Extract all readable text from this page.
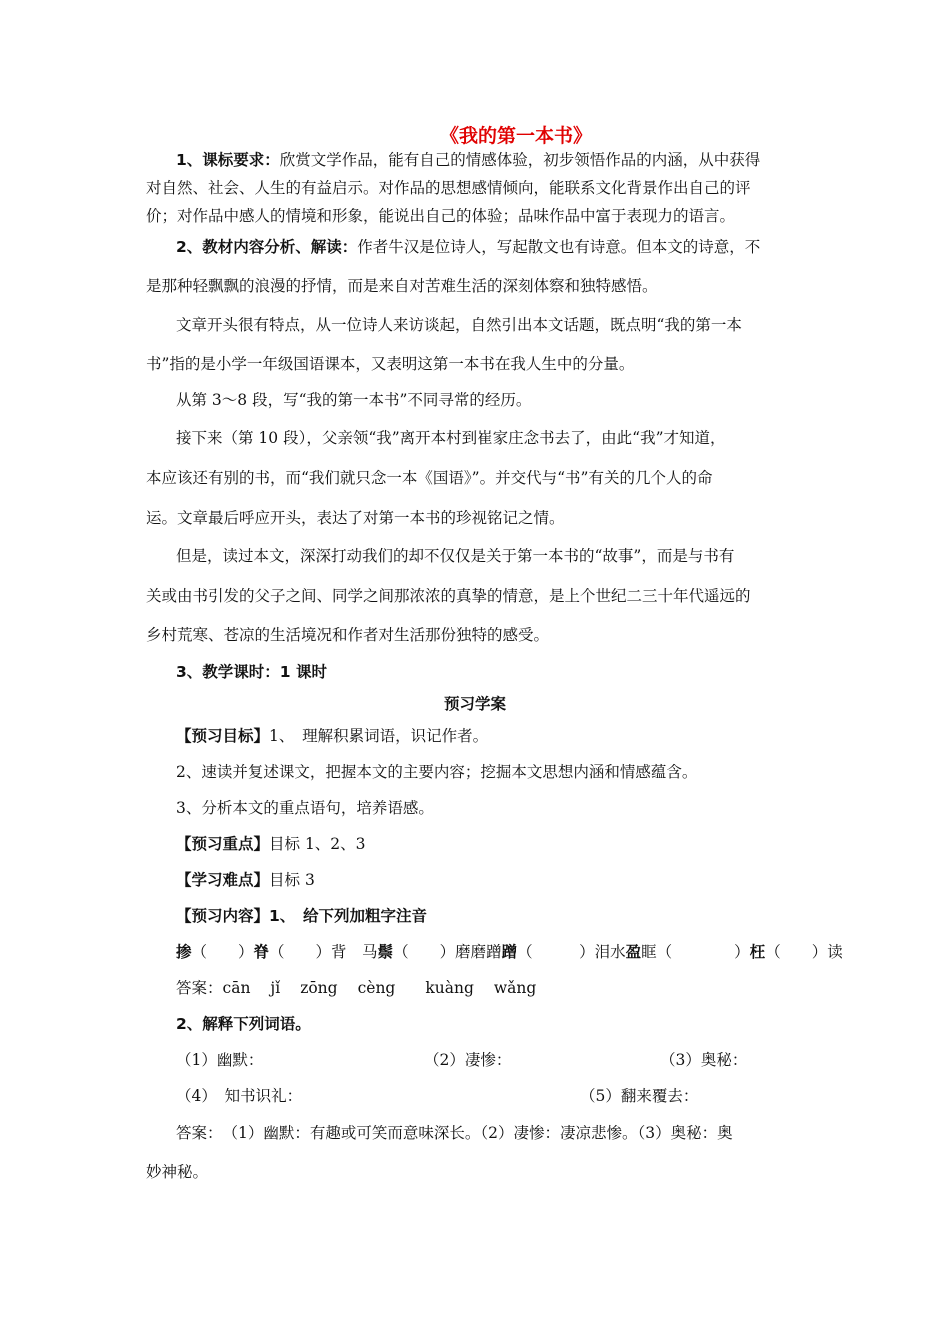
《我的第一本书》
1、课标要求：欣赏文学作品，能有自己的情感体验，初步领悟作品的内涵，从中获得
对自然、社会、人生的有益启示。对作品的思想感情倾向，能联系文化背景作出自己的评
价；对作品中感人的情境和形象，能说出自己的体验；品味作品中富于表现力的语言。
2、教材内容分析、解读：作者牛汉是位诗人，写起散文也有诗意。但本文的诗意，不
是那种轻飘飘的浪漫的抒情，而是来自对苦难生活的深刻体察和独特感悟。
文章开头很有特点，从一位诗人来访谈起，自然引出本文话题，既点明“我的第一本
书”指的是小学一年级国语课本，又表明这第一本书在我人生中的分量。
从第 3～8 段，写“我的第一本书”不同寻常的经历。
接下来（第 10 段），父亲领“我”离开本村到崔家庄念书去了，由此“我”才知道，
本应该还有别的书，而“我们就只念一本《国语》”。并交代与“书”有关的几个人的命
运。文章最后呼应开头，表达了对第一本书的珍视铭记之情。
但是，读过本文，深深打动我们的却不仅仅是关于第一本书的“故事”，而是与书有
关或由书引发的父子之间、同学之间那浓浓的真挚的情意，是上个世纪二三十年代遥远的
乡村荒寒、苍凉的生活境况和作者对生活那份独特的感受。
3、教学课时：1 课时
预习学案
【预习目标】1、　理解积累词语，识记作者。
2、速读并复述课文，把握本文的主要内容；挖掘本文思想内涵和情感蕴含。
3、分析本文的重点语句，培养语感。
【预习重点】目标 1、2、3
【学习难点】目标 3
【预习内容】1、　给下列加粗字注音
掺（　　）脊（　　）背　马鬃（　　）磨磨蹭蹭（　　　）泪水盈眶（　　　　）枉（　　）读
答案：cān jǐ zōng cèng kuàng wǎng
2、解释下列词语。
（1）幽默：	（2）凄惨：	（3）奥秘：
（4）　知书识礼：	（5）翻来覆去：
答案：　（1）幽默：有趣或可笑而意味深长。（2）凄惨：凄凉悲惨。（3）奥秘：奥
妙神秘。
